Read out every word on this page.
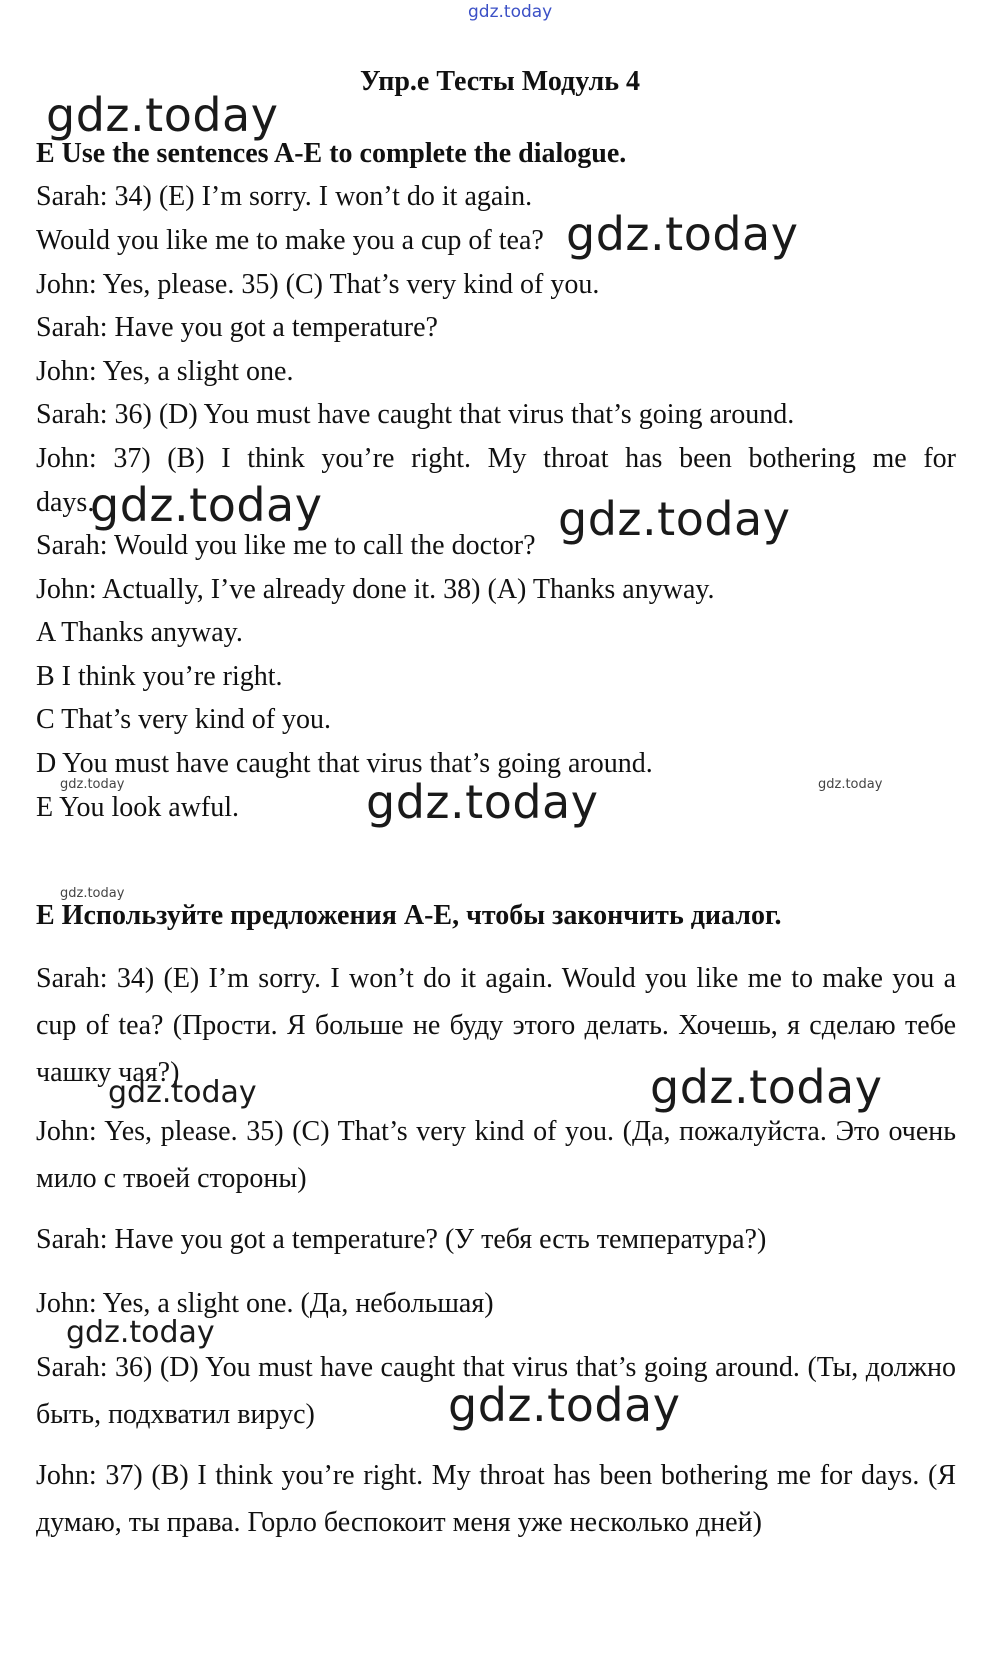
gdz.today
Упр.е Тесты Модуль 4
E Use the sentences A-E to complete the dialogue.
Sarah: 34) (E) I’m sorry. I won’t do it again.
Would you like me to make you a cup of tea?
John: Yes, please. 35) (C) That’s very kind of you.
Sarah: Have you got a temperature?
John: Yes, a slight one.
Sarah: 36) (D) You must have caught that virus that’s going around.
John: 37) (B) I think you’re right. My throat has been bothering me for
days.
Sarah: Would you like me to call the doctor?
John: Actually, I’ve already done it. 38) (A) Thanks anyway.
A Thanks anyway.
B I think you’re right.
C That’s very kind of you.
D You must have caught that virus that’s going around.
E You look awful.
E Используйте предложения A-E, чтобы закончить диалог.
Sarah: 34) (E) I’m sorry. I won’t do it again. Would you like me to make you a cup of tea? (Прости. Я больше не буду этого делать. Хочешь, я сделаю тебе чашку чая?)
John: Yes, please. 35) (C) That’s very kind of you. (Да, пожалуйста. Это очень мило с твоей стороны)
Sarah: Have you got a temperature? (У тебя есть температура?)
John: Yes, a slight one. (Да, небольшая)
Sarah: 36) (D) You must have caught that virus that’s going around. (Ты, должно быть, подхватил вирус)
John: 37) (B) I think you’re right. My throat has been bothering me for days. (Я думаю, ты права. Горло беспокоит меня уже несколько дней)
gdz.today
gdz.today
gdz.today	gdz.today
gdz.today
gdz.today
gdz.today
gdz.today
gdz.today
gdz.today	gdz.today
gdz.today
